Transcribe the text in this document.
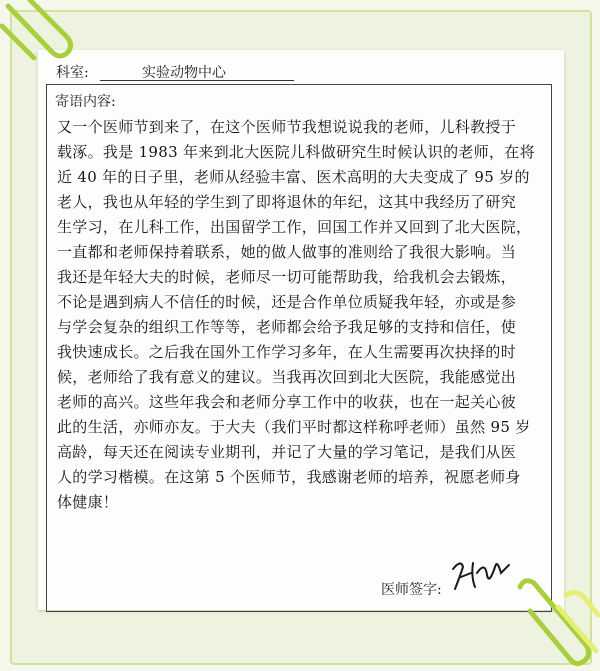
科室:	实验动物中心
寄语内容:
又一个医师节到来了，在这个医师节我想说说我的老师，儿科教授于
载涿。我是 1983 年来到北大医院儿科做研究生时候认识的老师，在将
近 40 年的日子里，老师从经验丰富、医术高明的大夫变成了 95 岁的
老人，我也从年轻的学生到了即将退休的年纪，这其中我经历了研究
生学习，在儿科工作，出国留学工作，回国工作并又回到了北大医院，
一直都和老师保持着联系，她的做人做事的准则给了我很大影响。当
我还是年轻大夫的时候，老师尽一切可能帮助我，给我机会去锻炼，
不论是遇到病人不信任的时候，还是合作单位质疑我年轻，亦或是参
与学会复杂的组织工作等等，老师都会给予我足够的支持和信任，使
我快速成长。之后我在国外工作学习多年，在人生需要再次抉择的时
候，老师给了我有意义的建议。当我再次回到北大医院，我能感觉出
老师的高兴。这些年我会和老师分享工作中的收获，也在一起关心彼
此的生活，亦师亦友。于大夫（我们平时都这样称呼老师）虽然 95 岁
高龄，每天还在阅读专业期刊，并记了大量的学习笔记，是我们从医
人的学习楷模。在这第 5 个医师节，我感谢老师的培养，祝愿老师身
体健康！
医师签字:
